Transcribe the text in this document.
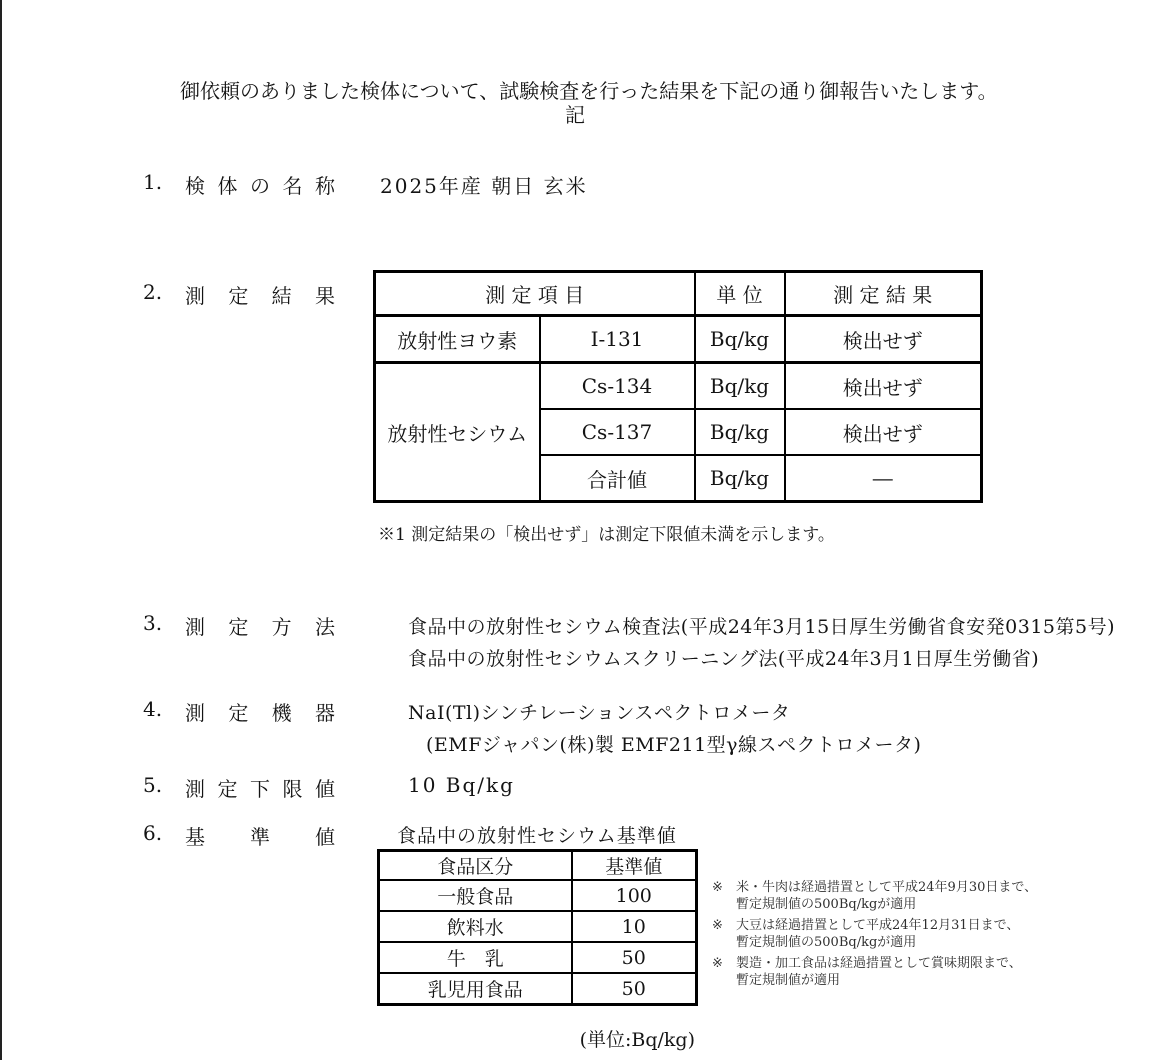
御依頼のありました検体について、試験検査を行った結果を下記の通り御報告いたします。

記
1.	検体の名称 2025年産 朝日 玄米
2.	測定結果	測 定 項 目		単 位	測 定 結 果
放射性ヨウ素	I-131	Bq/kg	検出せず
放射性セシウム	Cs-134	Bq/kg	検出せず
	Cs-137	Bq/kg	検出せず
	合計値	Bq/kg	―
※1 測定結果の「検出せず」は測定下限値未満を示します。
3.	測定方法	食品中の放射性セシウム検査法(平成24年3月15日厚生労働省食安発0315第5号)
食品中の放射性セシウムスクリーニング法(平成24年3月1日厚生労働省)
4.	測定機器	NaI(Tl)シンチレーションスペクトロメータ
(EMFジャパン(株)製 EMF211型γ線スペクトロメータ)
5.	測定下限値	10 Bq/kg
6.	基準値	食品中の放射性セシウム基準値
食品区分	基準値
一般食品	100
飲料水	10
牛　乳	50
乳児用食品	50
(単位:Bq/kg)
※	米・牛肉は経過措置として平成24年9月30日まで、
暫定規制値の500Bq/kgが適用
※	大豆は経過措置として平成24年12月31日まで、
暫定規制値の500Bq/kgが適用
※	製造・加工食品は経過措置として賞味期限まで、
暫定規制値が適用
